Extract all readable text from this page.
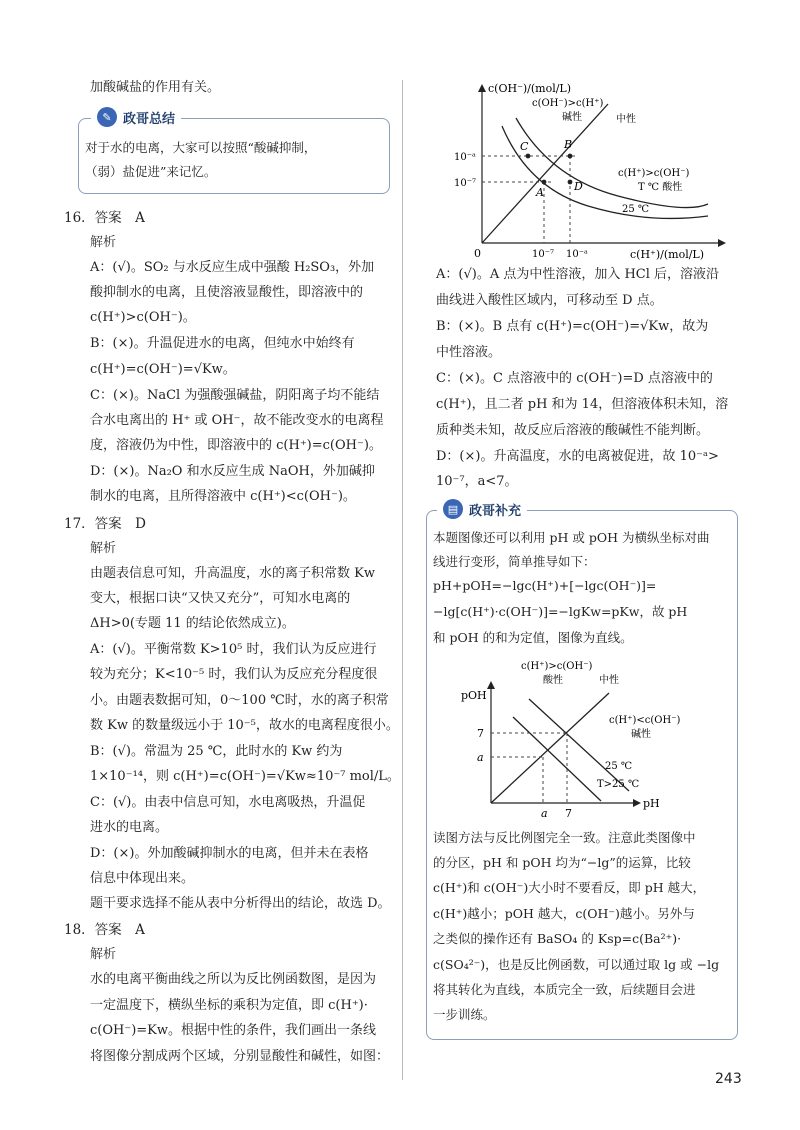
加酸碱盐的作用有关。
✎ 政哥总结
对于水的电离，大家可以按照“酸碱抑制，
（弱）盐促进”来记忆。
16．答案　A
解析
A：(√)。SO₂ 与水反应生成中强酸 H₂SO₃，外加
酸抑制水的电离，且使溶液显酸性，即溶液中的
c(H⁺)>c(OH⁻)。
B：(×)。升温促进水的电离，但纯水中始终有
c(H⁺)=c(OH⁻)=√Kw。
C：(×)。NaCl 为强酸强碱盐，阴阳离子均不能结
合水电离出的 H⁺ 或 OH⁻，故不能改变水的电离程
度，溶液仍为中性，即溶液中的 c(H⁺)=c(OH⁻)。
D：(×)。Na₂O 和水反应生成 NaOH，外加碱抑
制水的电离，且所得溶液中 c(H⁺)<c(OH⁻)。
17．答案　D
解析
由题表信息可知，升高温度，水的离子积常数 Kw
变大，根据口诀“又快又充分”，可知水电离的
ΔH>0(专题 11 的结论依然成立)。
A：(√)。平衡常数 K>10⁵ 时，我们认为反应进行
较为充分；K<10⁻⁵ 时，我们认为反应充分程度很
小。由题表数据可知，0～100 ℃时，水的离子积常
数 Kw 的数量级远小于 10⁻⁵，故水的电离程度很小。
B：(√)。常温为 25 ℃，此时水的 Kw 约为
1×10⁻¹⁴，则 c(H⁺)=c(OH⁻)=√Kw≈10⁻⁷ mol/L。
C：(√)。由表中信息可知，水电离吸热，升温促
进水的电离。
D：(×)。外加酸碱抑制水的电离，但并未在表格
信息中体现出来。
题干要求选择不能从表中分析得出的结论，故选 D。
18．答案　A
解析
水的电离平衡曲线之所以为反比例函数图，是因为
一定温度下，横纵坐标的乘积为定值，即 c(H⁺)·
c(OH⁻)=Kw。根据中性的条件，我们画出一条线
将图像分割成两个区域，分别显酸性和碱性，如图：
c(OH⁻)/(mol/L)
c(H⁺)/(mol/L)
0
10⁻ᵃ
10⁻⁷
10⁻⁷ 10⁻ᵃ
A
B
C
D
c(OH⁻)>c(H⁺)
碱性	中性
c(H⁺)>c(OH⁻)
T ℃ 酸性
25 ℃
A：(√)。A 点为中性溶液，加入 HCl 后，溶液沿
曲线进入酸性区域内，可移动至 D 点。
B：(×)。B 点有 c(H⁺)=c(OH⁻)=√Kw，故为
中性溶液。
C：(×)。C 点溶液中的 c(OH⁻)=D 点溶液中的
c(H⁺)，且二者 pH 和为 14，但溶液体积未知，溶
质种类未知，故反应后溶液的酸碱性不能判断。
D：(×)。升高温度，水的电离被促进，故 10⁻ᵃ>
10⁻⁷，a<7。
▤ 政哥补充
本题图像还可以利用 pH 或 pOH 为横纵坐标对曲
线进行变形，简单推导如下：
pH+pOH=−lgc(H⁺)+[−lgc(OH⁻)]=
−lg[c(H⁺)·c(OH⁻)]=−lgKw=pKw，故 pH
和 pOH 的和为定值，图像为直线。
pOH
pH
7
a
a 7
c(H⁺)>c(OH⁻)
酸性	中性
c(H⁺)<c(OH⁻)
碱性
25 ℃
T>25 ℃
读图方法与反比例图完全一致。注意此类图像中
的分区，pH 和 pOH 均为“−lg”的运算，比较
c(H⁺)和 c(OH⁻)大小时不要看反，即 pH 越大，
c(H⁺)越小；pOH 越大，c(OH⁻)越小。另外与
之类似的操作还有 BaSO₄ 的 Ksp=c(Ba²⁺)·
c(SO₄²⁻)，也是反比例函数，可以通过取 lg 或 −lg
将其转化为直线，本质完全一致，后续题目会进
一步训练。
243
